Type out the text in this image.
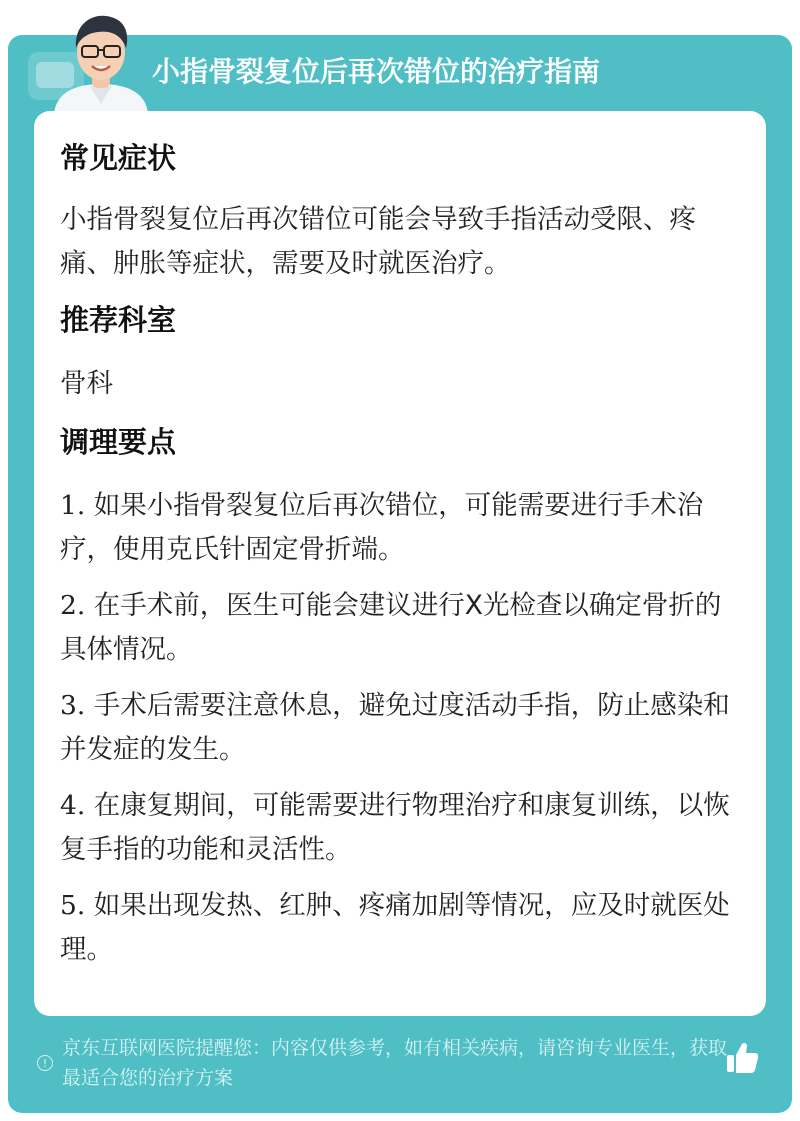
小指骨裂复位后再次错位的治疗指南
常见症状

小指骨裂复位后再次错位可能会导致手指活动受限、疼痛、肿胀等症状，需要及时就医治疗。

推荐科室

骨科

调理要点

1. 如果小指骨裂复位后再次错位，可能需要进行手术治疗，使用克氏针固定骨折端。

2. 在手术前，医生可能会建议进行X光检查以确定骨折的具体情况。

3. 手术后需要注意休息，避免过度活动手指，防止感染和并发症的发生。

4. 在康复期间，可能需要进行物理治疗和康复训练，以恢复手指的功能和灵活性。

5. 如果出现发热、红肿、疼痛加剧等情况，应及时就医处理。

!
京东互联网医院提醒您：内容仅供参考，如有相关疾病，请咨询专业医生，获取最适合您的治疗方案
